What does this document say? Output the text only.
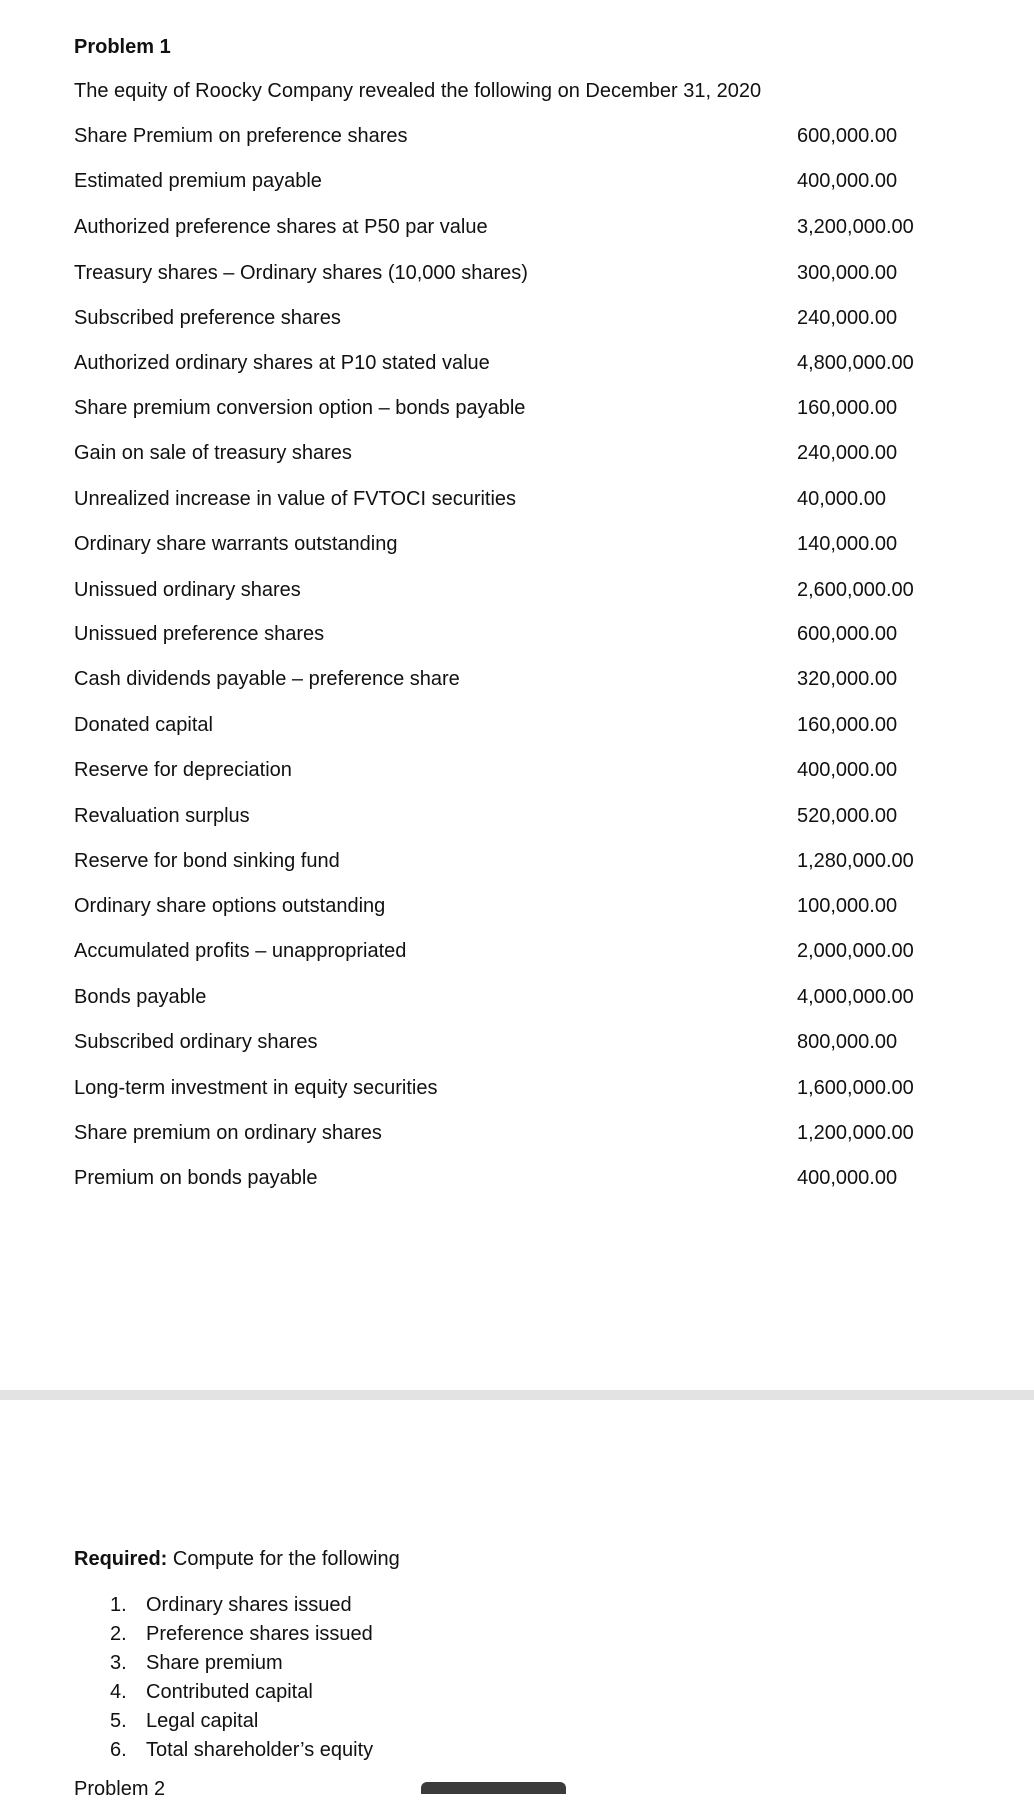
Problem 1
The equity of Roocky Company revealed the following on December 31, 2020
Share Premium on preference shares	600,000.00
Estimated premium payable	400,000.00
Authorized preference shares at P50 par value	3,200,000.00
Treasury shares – Ordinary shares (10,000 shares)	300,000.00
Subscribed preference shares	240,000.00
Authorized ordinary shares at P10 stated value	4,800,000.00
Share premium conversion option – bonds payable	160,000.00
Gain on sale of treasury shares	240,000.00
Unrealized increase in value of FVTOCI securities	40,000.00
Ordinary share warrants outstanding	140,000.00
Unissued ordinary shares	2,600,000.00
Unissued preference shares	600,000.00
Cash dividends payable – preference share	320,000.00
Donated capital	160,000.00
Reserve for depreciation	400,000.00
Revaluation surplus	520,000.00
Reserve for bond sinking fund	1,280,000.00
Ordinary share options outstanding	100,000.00
Accumulated profits – unappropriated	2,000,000.00
Bonds payable	4,000,000.00
Subscribed ordinary shares	800,000.00
Long-term investment in equity securities	1,600,000.00
Share premium on ordinary shares	1,200,000.00
Premium on bonds payable	400,000.00
Required: Compute for the following
1. Ordinary shares issued
2. Preference shares issued
3. Share premium
4. Contributed capital
5. Legal capital
6. Total shareholder’s equity
Problem 2
